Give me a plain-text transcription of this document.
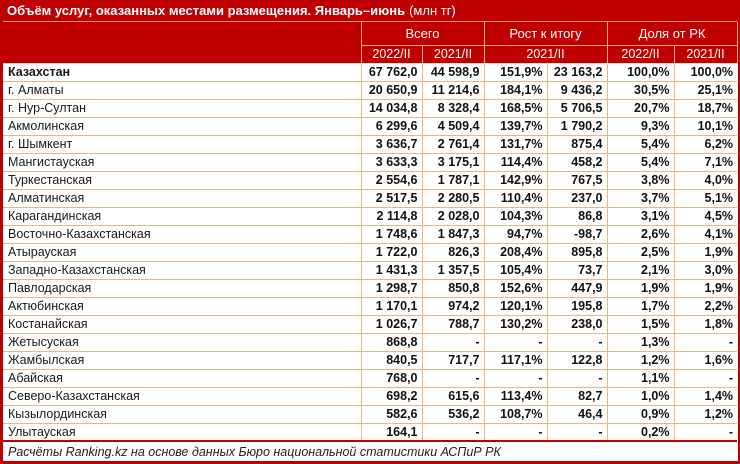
Объём услуг, оказанных местами размещения. Январь–июнь (млн тг)
	Всего		Рост к итогу		Доля от РК	
	2022/II	2021/II	2021/II		2022/II	2021/II
Казахстан	67 762,0	44 598,9	151,9%	23 163,2	100,0%	100,0%
г. Алматы	20 650,9	11 214,6	184,1%	9 436,2	30,5%	25,1%
г. Нур-Султан	14 034,8	8 328,4	168,5%	5 706,5	20,7%	18,7%
Акмолинская	6 299,6	4 509,4	139,7%	1 790,2	9,3%	10,1%
г. Шымкент	3 636,7	2 761,4	131,7%	875,4	5,4%	6,2%
Мангистауская	3 633,3	3 175,1	114,4%	458,2	5,4%	7,1%
Туркестанская	2 554,6	1 787,1	142,9%	767,5	3,8%	4,0%
Алматинская	2 517,5	2 280,5	110,4%	237,0	3,7%	5,1%
Карагандинская	2 114,8	2 028,0	104,3%	86,8	3,1%	4,5%
Восточно-Казахстанская	1 748,6	1 847,3	94,7%	-98,7	2,6%	4,1%
Атырауская	1 722,0	826,3	208,4%	895,8	2,5%	1,9%
Западно-Казахстанская	1 431,3	1 357,5	105,4%	73,7	2,1%	3,0%
Павлодарская	1 298,7	850,8	152,6%	447,9	1,9%	1,9%
Актюбинская	1 170,1	974,2	120,1%	195,8	1,7%	2,2%
Костанайская	1 026,7	788,7	130,2%	238,0	1,5%	1,8%
Жетысуская	868,8	-	-	-	1,3%	-
Жамбылская	840,5	717,7	117,1%	122,8	1,2%	1,6%
Абайская	768,0	-	-	-	1,1%	-
Северо-Казахстанская	698,2	615,6	113,4%	82,7	1,0%	1,4%
Кызылординская	582,6	536,2	108,7%	46,4	0,9%	1,2%
Улытауская	164,1	-	-	-	0,2%	-
Расчёты Ranking.kz на основе данных Бюро национальной статистики АСПиР РК						
